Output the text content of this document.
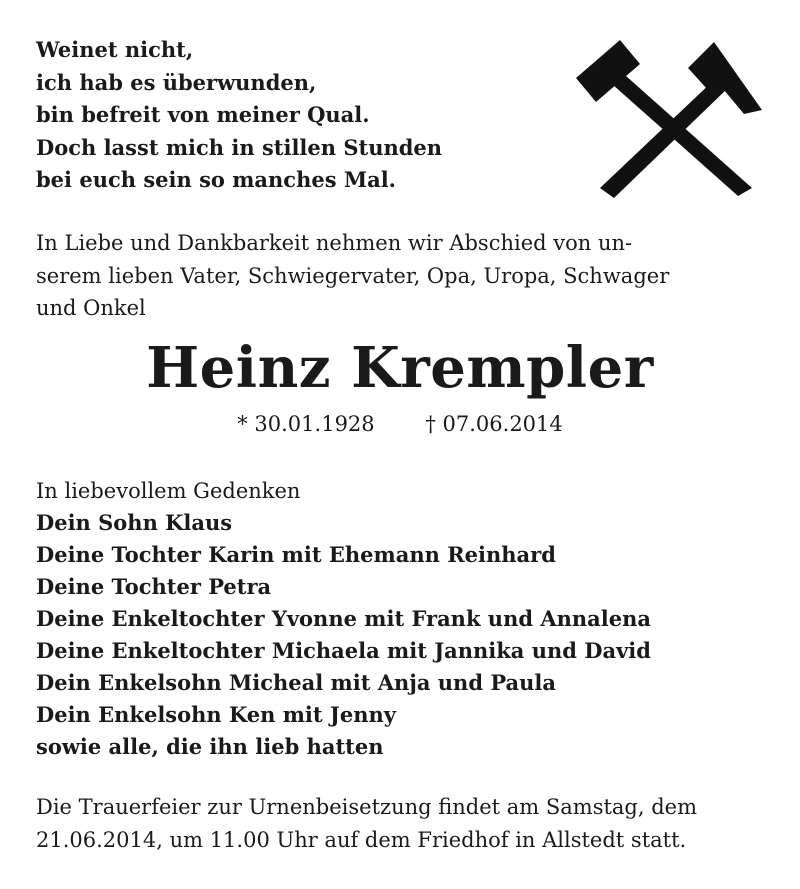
Weinet nicht,
ich hab es überwunden,
bin befreit von meiner Qual.
Doch lasst mich in stillen Stunden
bei euch sein so manches Mal.
In Liebe und Dankbarkeit nehmen wir Abschied von un-
serem lieben Vater, Schwiegervater, Opa, Uropa, Schwager
und Onkel
Heinz Krempler
* 30.01.1928 † 07.06.2014
In liebevollem Gedenken
Dein Sohn Klaus
Deine Tochter Karin mit Ehemann Reinhard
Deine Tochter Petra
Deine Enkeltochter Yvonne mit Frank und Annalena
Deine Enkeltochter Michaela mit Jannika und David
Dein Enkelsohn Micheal mit Anja und Paula
Dein Enkelsohn Ken mit Jenny
sowie alle, die ihn lieb hatten
Die Trauerfeier zur Urnenbeisetzung findet am Samstag, dem
21.06.2014, um 11.00 Uhr auf dem Friedhof in Allstedt statt.
